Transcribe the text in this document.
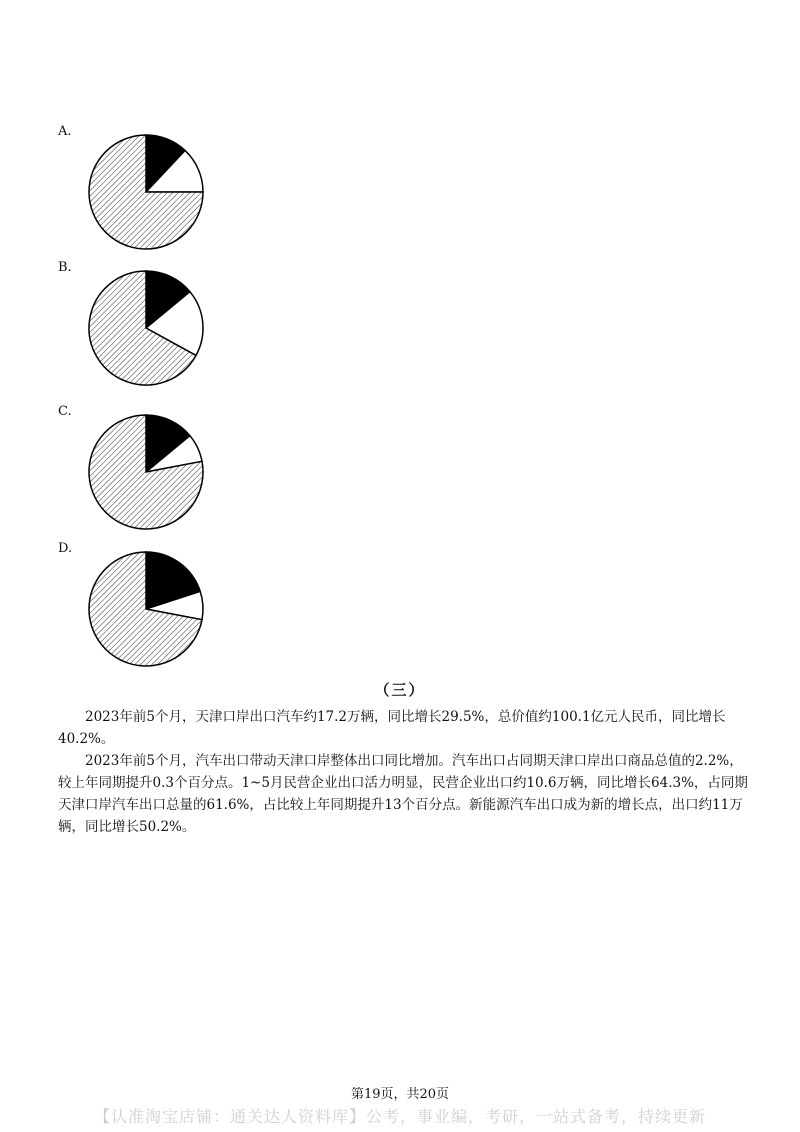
A.
B.
C.
D.
（三）

2023年前5个月，天津口岸出口汽车约17.2万辆，同比增长29.5%，总价值约100.1亿元人民币，同比增长40.2%。

2023年前5个月，汽车出口带动天津口岸整体出口同比增加。汽车出口占同期天津口岸出口商品总值的2.2%，较上年同期提升0.3个百分点。1~5月民营企业出口活力明显，民营企业出口约10.6万辆，同比增长64.3%，占同期天津口岸汽车出口总量的61.6%，占比较上年同期提升13个百分点。新能源汽车出口成为新的增长点，出口约11万辆，同比增长50.2%。

第19页，共20页
【认准淘宝店铺：通关达人资料库】公考，事业编，考研，一站式备考，持续更新
